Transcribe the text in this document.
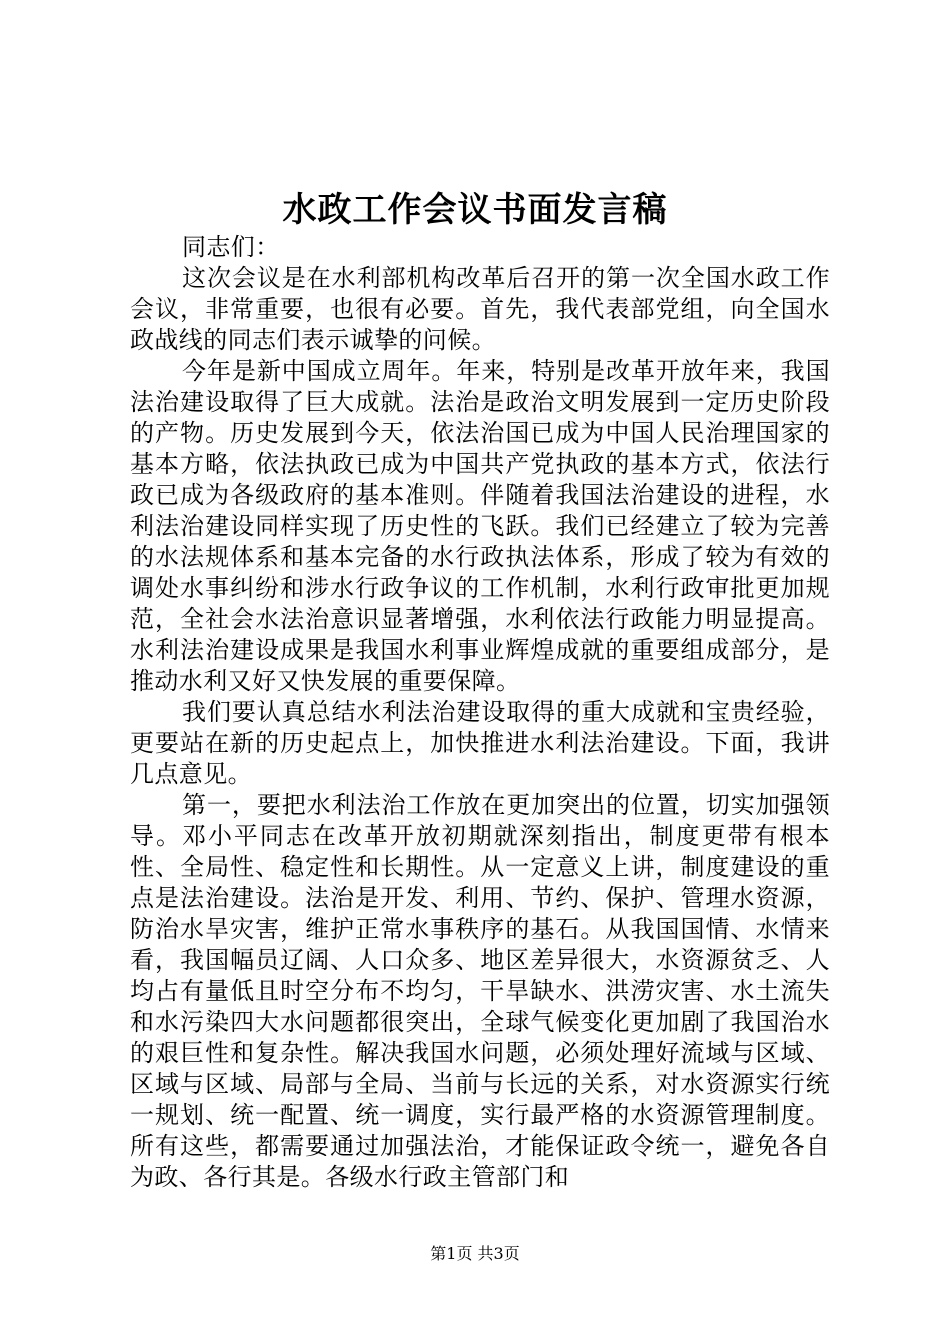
水政工作会议书面发言稿

同志们：

这次会议是在水利部机构改革后召开的第一次全国水政工作会议，非常重要，也很有必要。首先，我代表部党组，向全国水政战线的同志们表示诚挚的问候。

今年是新中国成立周年。年来，特别是改革开放年来，我国法治建设取得了巨大成就。法治是政治文明发展到一定历史阶段的产物。历史发展到今天，依法治国已成为中国人民治理国家的基本方略，依法执政已成为中国共产党执政的基本方式，依法行政已成为各级政府的基本准则。伴随着我国法治建设的进程，水利法治建设同样实现了历史性的飞跃。我们已经建立了较为完善的水法规体系和基本完备的水行政执法体系，形成了较为有效的调处水事纠纷和涉水行政争议的工作机制，水利行政审批更加规范，全社会水法治意识显著增强，水利依法行政能力明显提高。水利法治建设成果是我国水利事业辉煌成就的重要组成部分，是推动水利又好又快发展的重要保障。

我们要认真总结水利法治建设取得的重大成就和宝贵经验，更要站在新的历史起点上，加快推进水利法治建设。下面，我讲几点意见。

第一，要把水利法治工作放在更加突出的位置，切实加强领导。邓小平同志在改革开放初期就深刻指出，制度更带有根本性、全局性、稳定性和长期性。从一定意义上讲，制度建设的重点是法治建设。法治是开发、利用、节约、保护、管理水资源，防治水旱灾害，维护正常水事秩序的基石。从我国国情、水情来看，我国幅员辽阔、人口众多、地区差异很大，水资源贫乏、人均占有量低且时空分布不均匀，干旱缺水、洪涝灾害、水土流失和水污染四大水问题都很突出，全球气候变化更加剧了我国治水的艰巨性和复杂性。解决我国水问题，必须处理好流域与区域、区域与区域、局部与全局、当前与长远的关系，对水资源实行统一规划、统一配置、统一调度，实行最严格的水资源管理制度。所有这些，都需要通过加强法治，才能保证政令统一，避免各自为政、各行其是。各级水行政主管部门和

第1页 共3页
